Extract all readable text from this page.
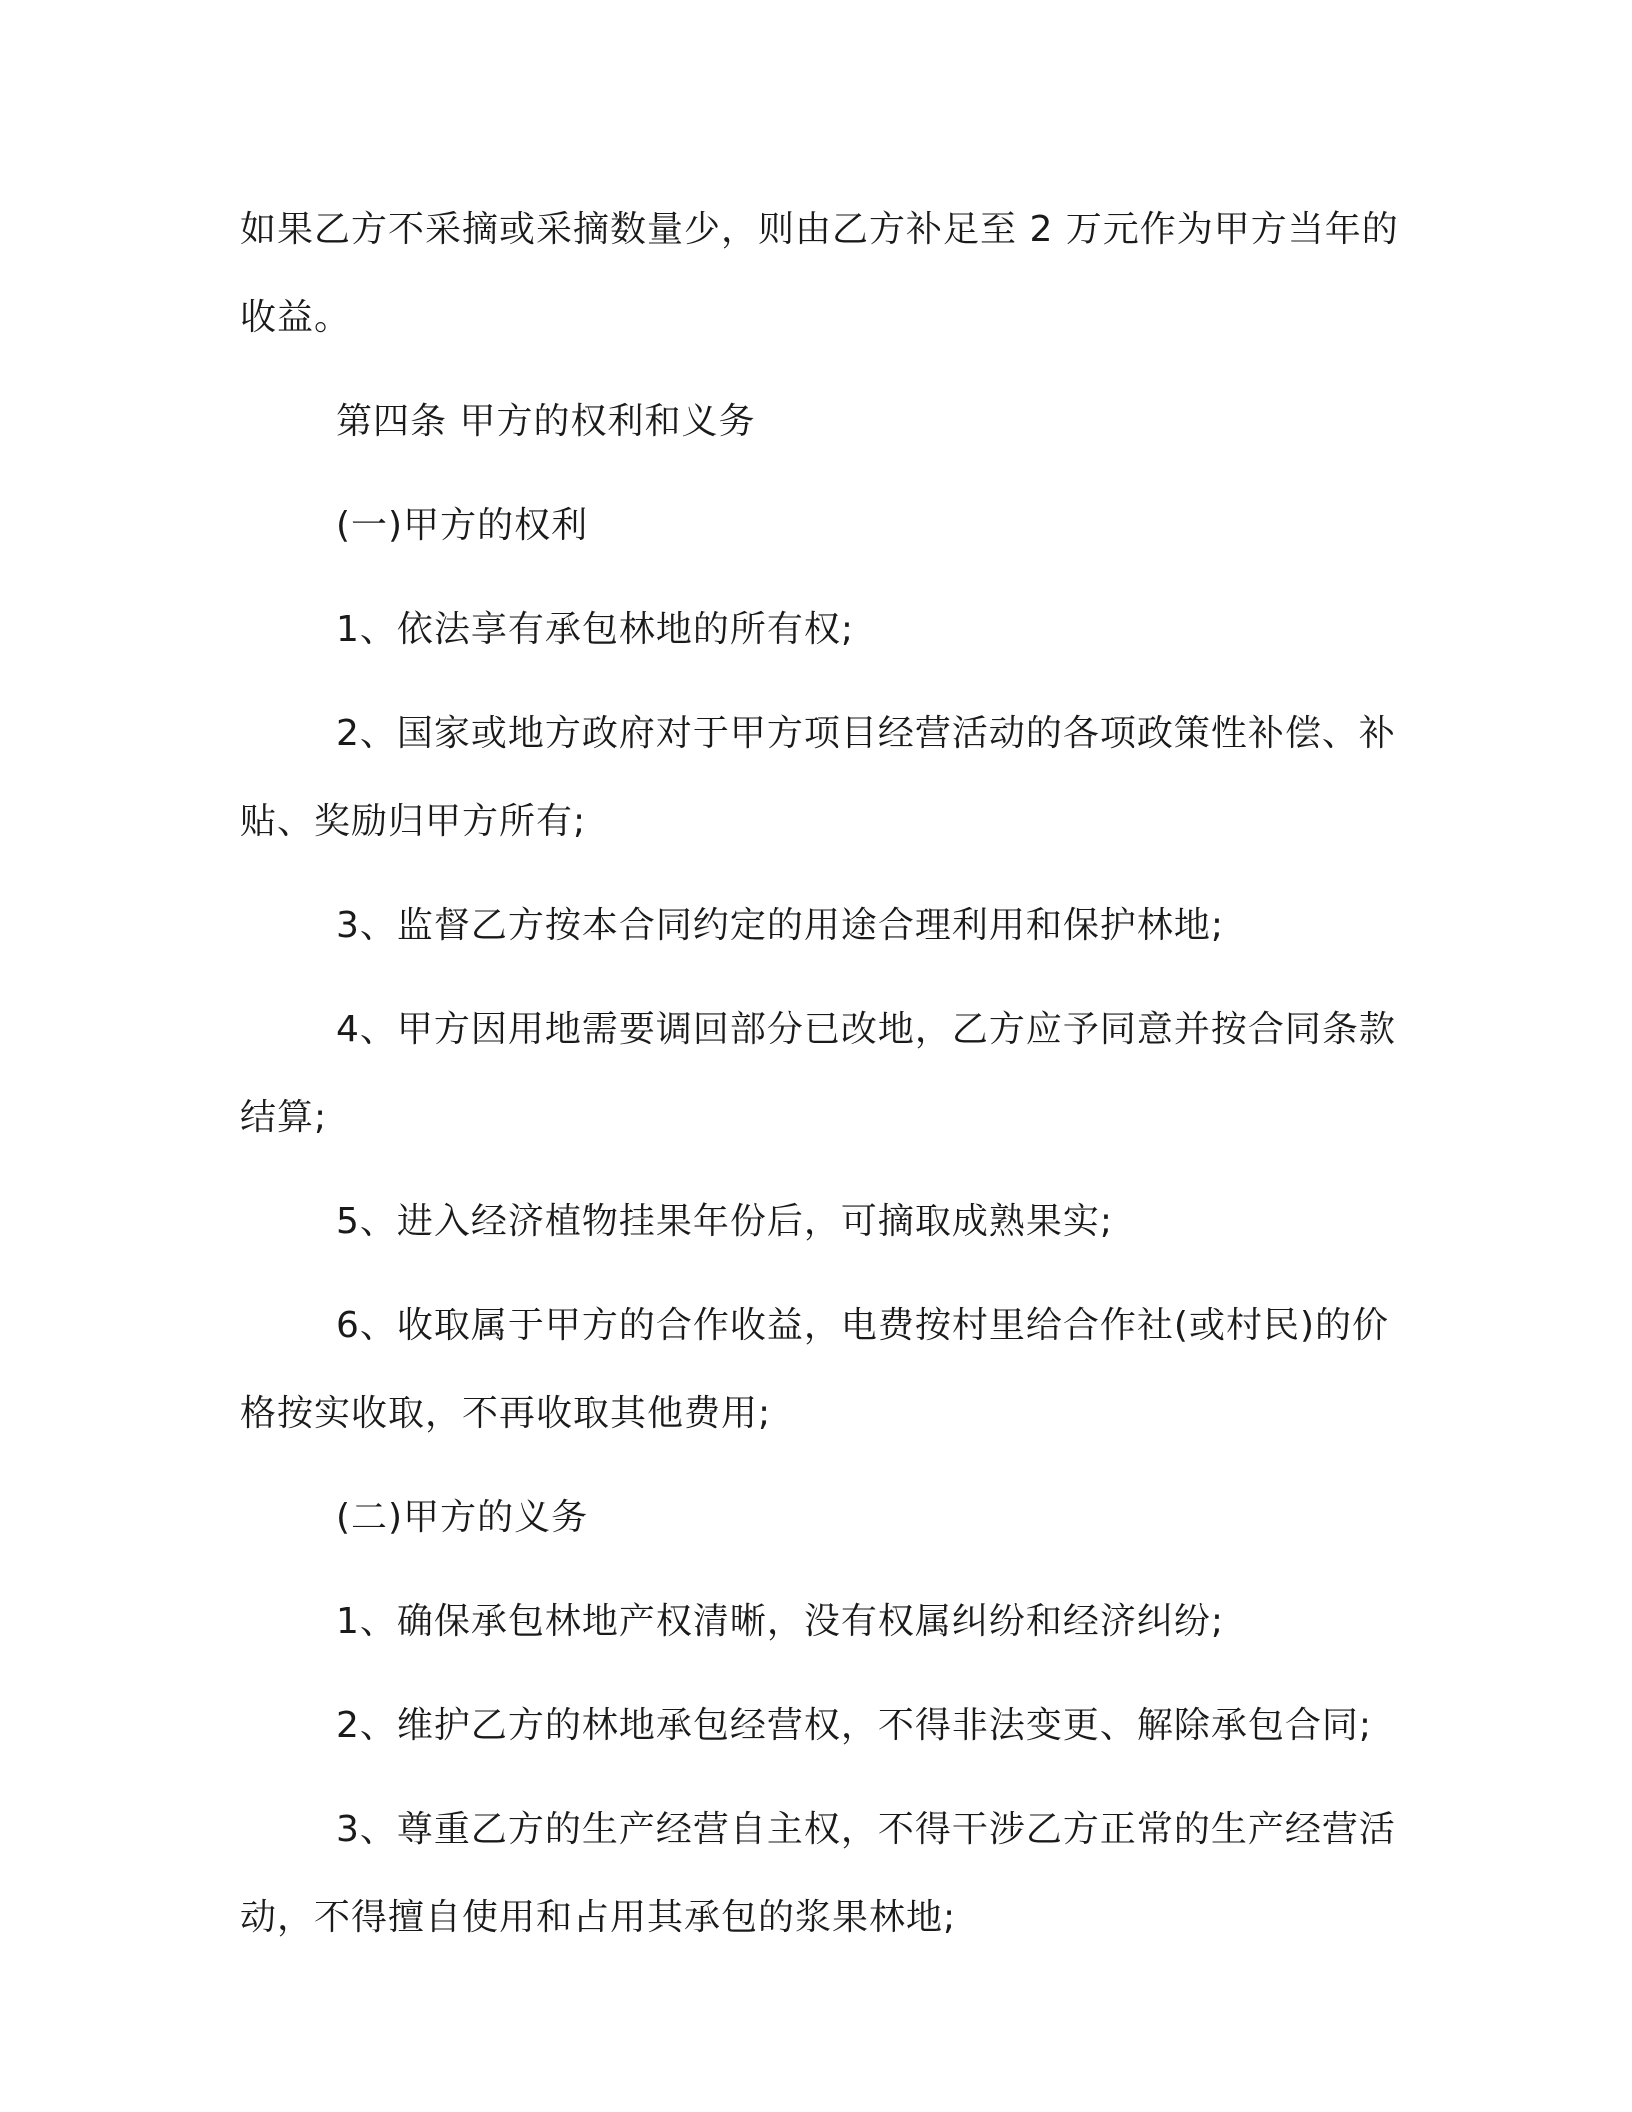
如果乙方不采摘或采摘数量少，则由乙方补足至 2 万元作为甲方当年的收益。

第四条 甲方的权利和义务

(一)甲方的权利

1、依法享有承包林地的所有权;

2、国家或地方政府对于甲方项目经营活动的各项政策性补偿、补贴、奖励归甲方所有;

3、监督乙方按本合同约定的用途合理利用和保护林地;

4、甲方因用地需要调回部分已改地，乙方应予同意并按合同条款结算;

5、进入经济植物挂果年份后，可摘取成熟果实;

6、收取属于甲方的合作收益，电费按村里给合作社(或村民)的价格按实收取，不再收取其他费用;

(二)甲方的义务

1、确保承包林地产权清晰，没有权属纠纷和经济纠纷;

2、维护乙方的林地承包经营权，不得非法变更、解除承包合同;

3、尊重乙方的生产经营自主权，不得干涉乙方正常的生产经营活动，不得擅自使用和占用其承包的浆果林地;
